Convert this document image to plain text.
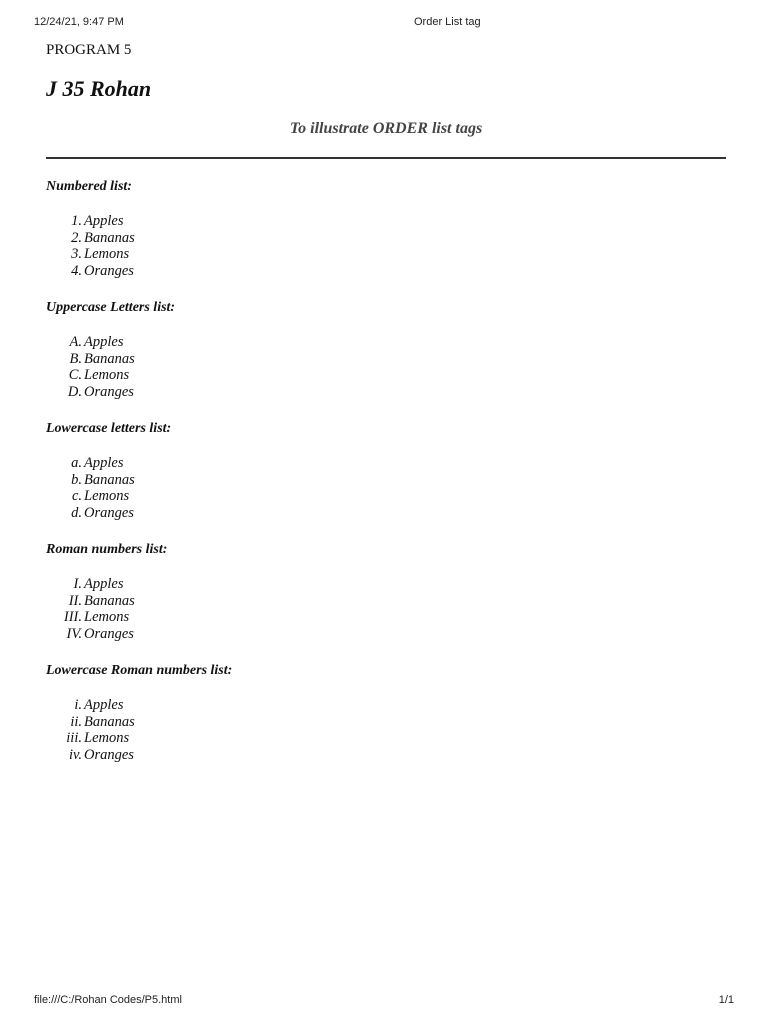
12/24/21, 9:47 PM	Order List tag
PROGRAM 5
J 35 Rohan
To illustrate ORDER list tags
Numbered list:
1. Apples
2. Bananas
3. Lemons
4. Oranges
Uppercase Letters list:
A. Apples
B. Bananas
C. Lemons
D. Oranges
Lowercase letters list:
a. Apples
b. Bananas
c. Lemons
d. Oranges
Roman numbers list:
I. Apples
II. Bananas
III. Lemons
IV. Oranges
Lowercase Roman numbers list:
i. Apples
ii. Bananas
iii. Lemons
iv. Oranges
file:///C:/Rohan Codes/P5.html	1/1
